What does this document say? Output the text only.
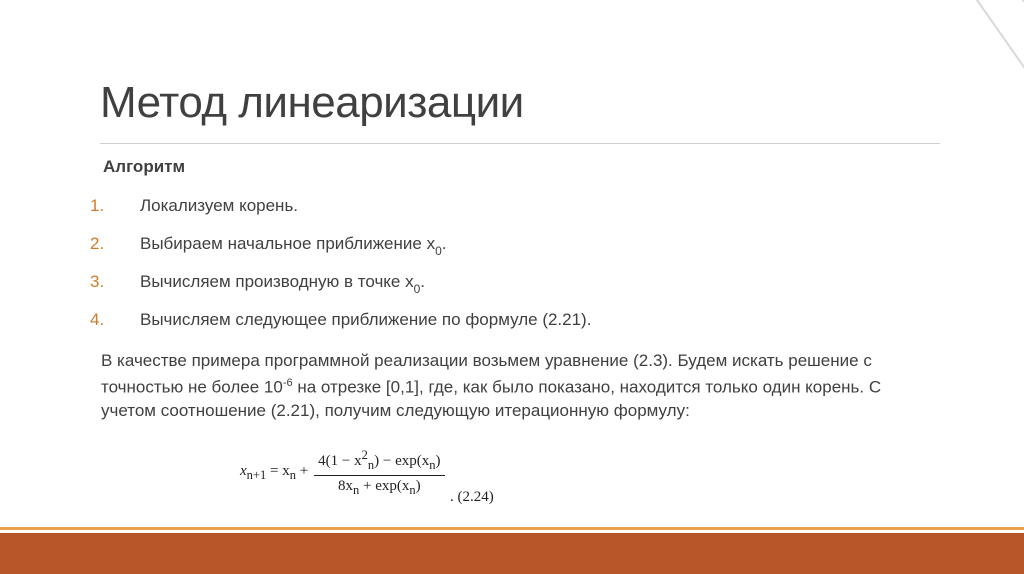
Метод линеаризации
Алгоритм
1.	Локализуем корень.
2.	Выбираем начальное приближение $x_0$.
3.	Вычисляем производную в точке $x_0$.
4.	Вычисляем следующее приближение по формуле (2.21).

В качестве примера программной реализации возьмем уравнение (2.3). Будем искать решение с точностью не более $10^{-6}$ на отрезке [0,1], где, как было показано, находится только один корень. С учетом соотношение (2.21), получим следующую итерационную формулу:

$x_{n+1} = x_n + \frac{4(1 - x^2_n) - \exp(x_n)}{8x_n + \exp(x_n)}$ . (2.24)
